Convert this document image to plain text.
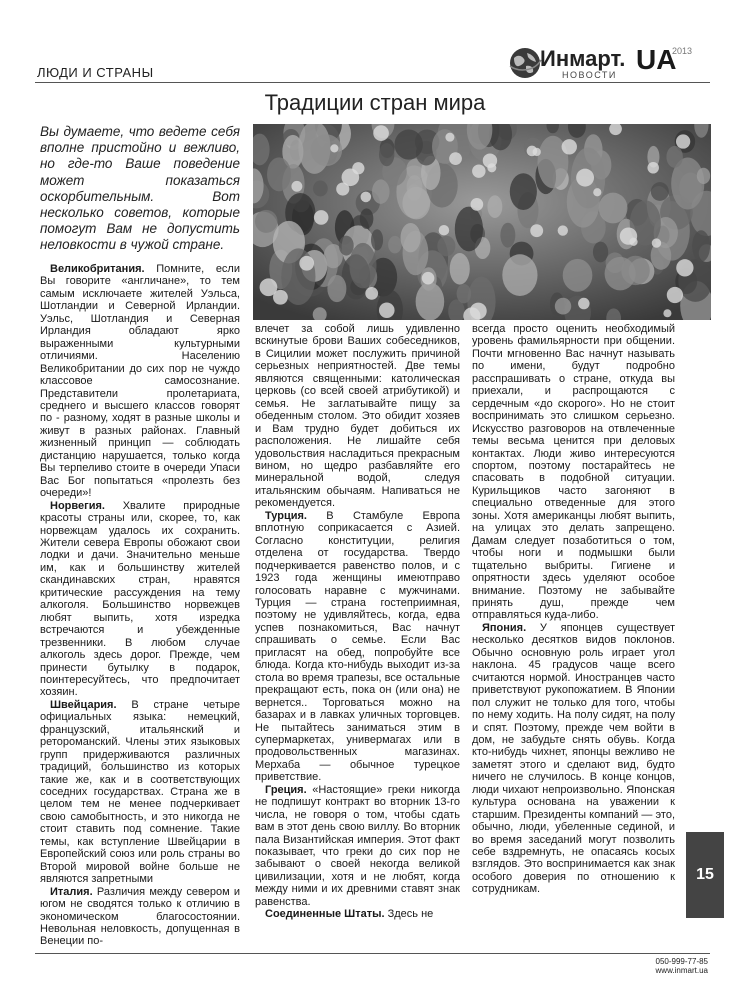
ЛЮДИ И СТРАНЫ
Инмарт. UA
2013
НОВОСТИ
Традиции стран мира
Вы думаете, что ведете себя вполне пристойно и вежливо, но где-то Ваше поведение может показаться оскорбительным. Вот несколько советов, которые помогут Вам не допустить неловкости в чужой стране.

Великобритания. Помните, если Вы говорите «англичане», то тем самым исключаете жителей Уэльса, Шотландии и Северной Ирландии. Уэльс, Шотландия и Северная Ирландия обладают ярко выраженными культурными отличиями. Населению Великобритании до сих пор не чуждо классовое самосознание. Представители пролетариата, среднего и высшего классов говорят по - разному, ходят в разные школы и живут в разных районах. Главный жизненный принцип — соблюдать дистанцию нарушается, только когда Вы терпеливо стоите в очереди Упаси Вас Бог попытаться «пролезть без очереди»!

Норвегия. Хвалите природные красоты страны или, скорее, то, как норвежцам удалось их сохранить. Жители севера Европы обожают свои лодки и дачи. Значительно меньше им, как и большинству жителей скандинавских стран, нравятся критические рассуждения на тему алкоголя. Большинство норвежцев любят выпить, хотя изредка встречаются и убежденные трезвенники. В любом случае алкоголь здесь дорог. Прежде, чем принести бутылку в подарок, поинтересуйтесь, что предпочитает хозяин.

Швейцария. В стране четыре официальных языка: немецкий, французский, итальянский и ретороманский. Члены этих языковых групп придерживаются различных традиций, большинство из которых такие же, как и в соответствующих соседних государствах. Страна же в целом тем не менее подчеркивает свою самобытность, и это никогда не стоит ставить под сомнение. Такие темы, как вступление Швейцарии в Европейский союз или роль страны во Второй мировой войне больше не являются запретными

Италия. Различия между севером и югом не сводятся только к отличию в экономическом благосостоянии. Невольная неловкость, допущенная в Венеции по-

влечет за собой лишь удивленно вскинутые брови Ваших собеседников, в Сицилии может послужить причиной серьезных неприятностей. Две темы являются священными: католическая церковь (со всей своей атрибутикой) и семья. Не заглатывайте пищу за обеденным столом. Это обидит хозяев и Вам трудно будет добиться их расположения. Не лишайте себя удовольствия насладиться прекрасным вином, но щедро разбавляйте его минеральной водой, следуя итальянским обычаям. Напиваться не рекомендуется.

Турция. В Стамбуле Европа вплотную соприкасается с Азией. Согласно конституции, религия отделена от государства. Твердо подчеркивается равенство полов, и с 1923 года женщины имеютправо голосовать наравне с мужчинами. Турция — страна гостеприимная, поэтому не удивляйтесь, когда, едва успев познакомиться, Вас начнут спрашивать о семье. Если Вас пригласят на обед, попробуйте все блюда. Когда кто-нибудь выходит из-за стола во время трапезы, все остальные прекращают есть, пока он (или она) не вернется.. Торговаться можно на базарах и в лавках уличных торговцев. Не пытайтесь заниматься этим в супермаркетах, универмагах или в продовольственных магазинах. Мерхаба — обычное турецкое приветствие.

Греция. «Настоящие» греки никогда не подпишут контракт во вторник 13-го числа, не говоря о том, чтобы сдать вам в этот день свою виллу. Во вторник пала Византийская империя. Этот факт показывает, что греки до сих пор не забывают о своей некогда великой цивилизации, хотя и не любят, когда между ними и их древними ставят знак равенства.

Соединенные Штаты. Здесь не

всегда просто оценить необходимый уровень фамильярности при общении. Почти мгновенно Вас начнут называть по имени, будут подробно расспрашивать о стране, откуда вы приехали, и распрощаются с сердечным «до скорого». Но не стоит воспринимать это слишком серьезно. Искусство разговоров на отвлеченные темы весьма ценится при деловых контактах. Люди живо интересуются спортом, поэтому постарайтесь не спасовать в подобной ситуации. Курильщиков часто загоняют в специально отведенные для этого зоны. Хотя американцы любят выпить, на улицах это делать запрещено. Дамам следует позаботиться о том, чтобы ноги и подмышки были тщательно выбриты. Гигиене и опрятности здесь уделяют особое внимание. Поэтому не забывайте принять душ, прежде чем отправляться куда-либо.

Япония. У японцев существует несколько десятков видов поклонов. Обычно основную роль играет угол наклона. 45 градусов чаще всего считаются нормой. Иностранцев часто приветствуют рукопожатием. В Японии пол служит не только для того, чтобы по нему ходить. На полу сидят, на полу и спят. Поэтому, прежде чем войти в дом, не забудьте снять обувь. Когда кто-нибудь чихнет, японцы вежливо не заметят этого и сделают вид, будто ничего не случилось. В конце концов, люди чихают непроизвольно. Японская культура основана на уважении к старшим. Президенты компаний — это, обычно, люди, убеленные сединой, и во время заседаний могут позволить себе вздремнуть, не опасаясь косых взглядов. Это воспринимается как знак особого доверия по отношению к сотрудникам.

15
050-999-77-85
www.inmart.ua
